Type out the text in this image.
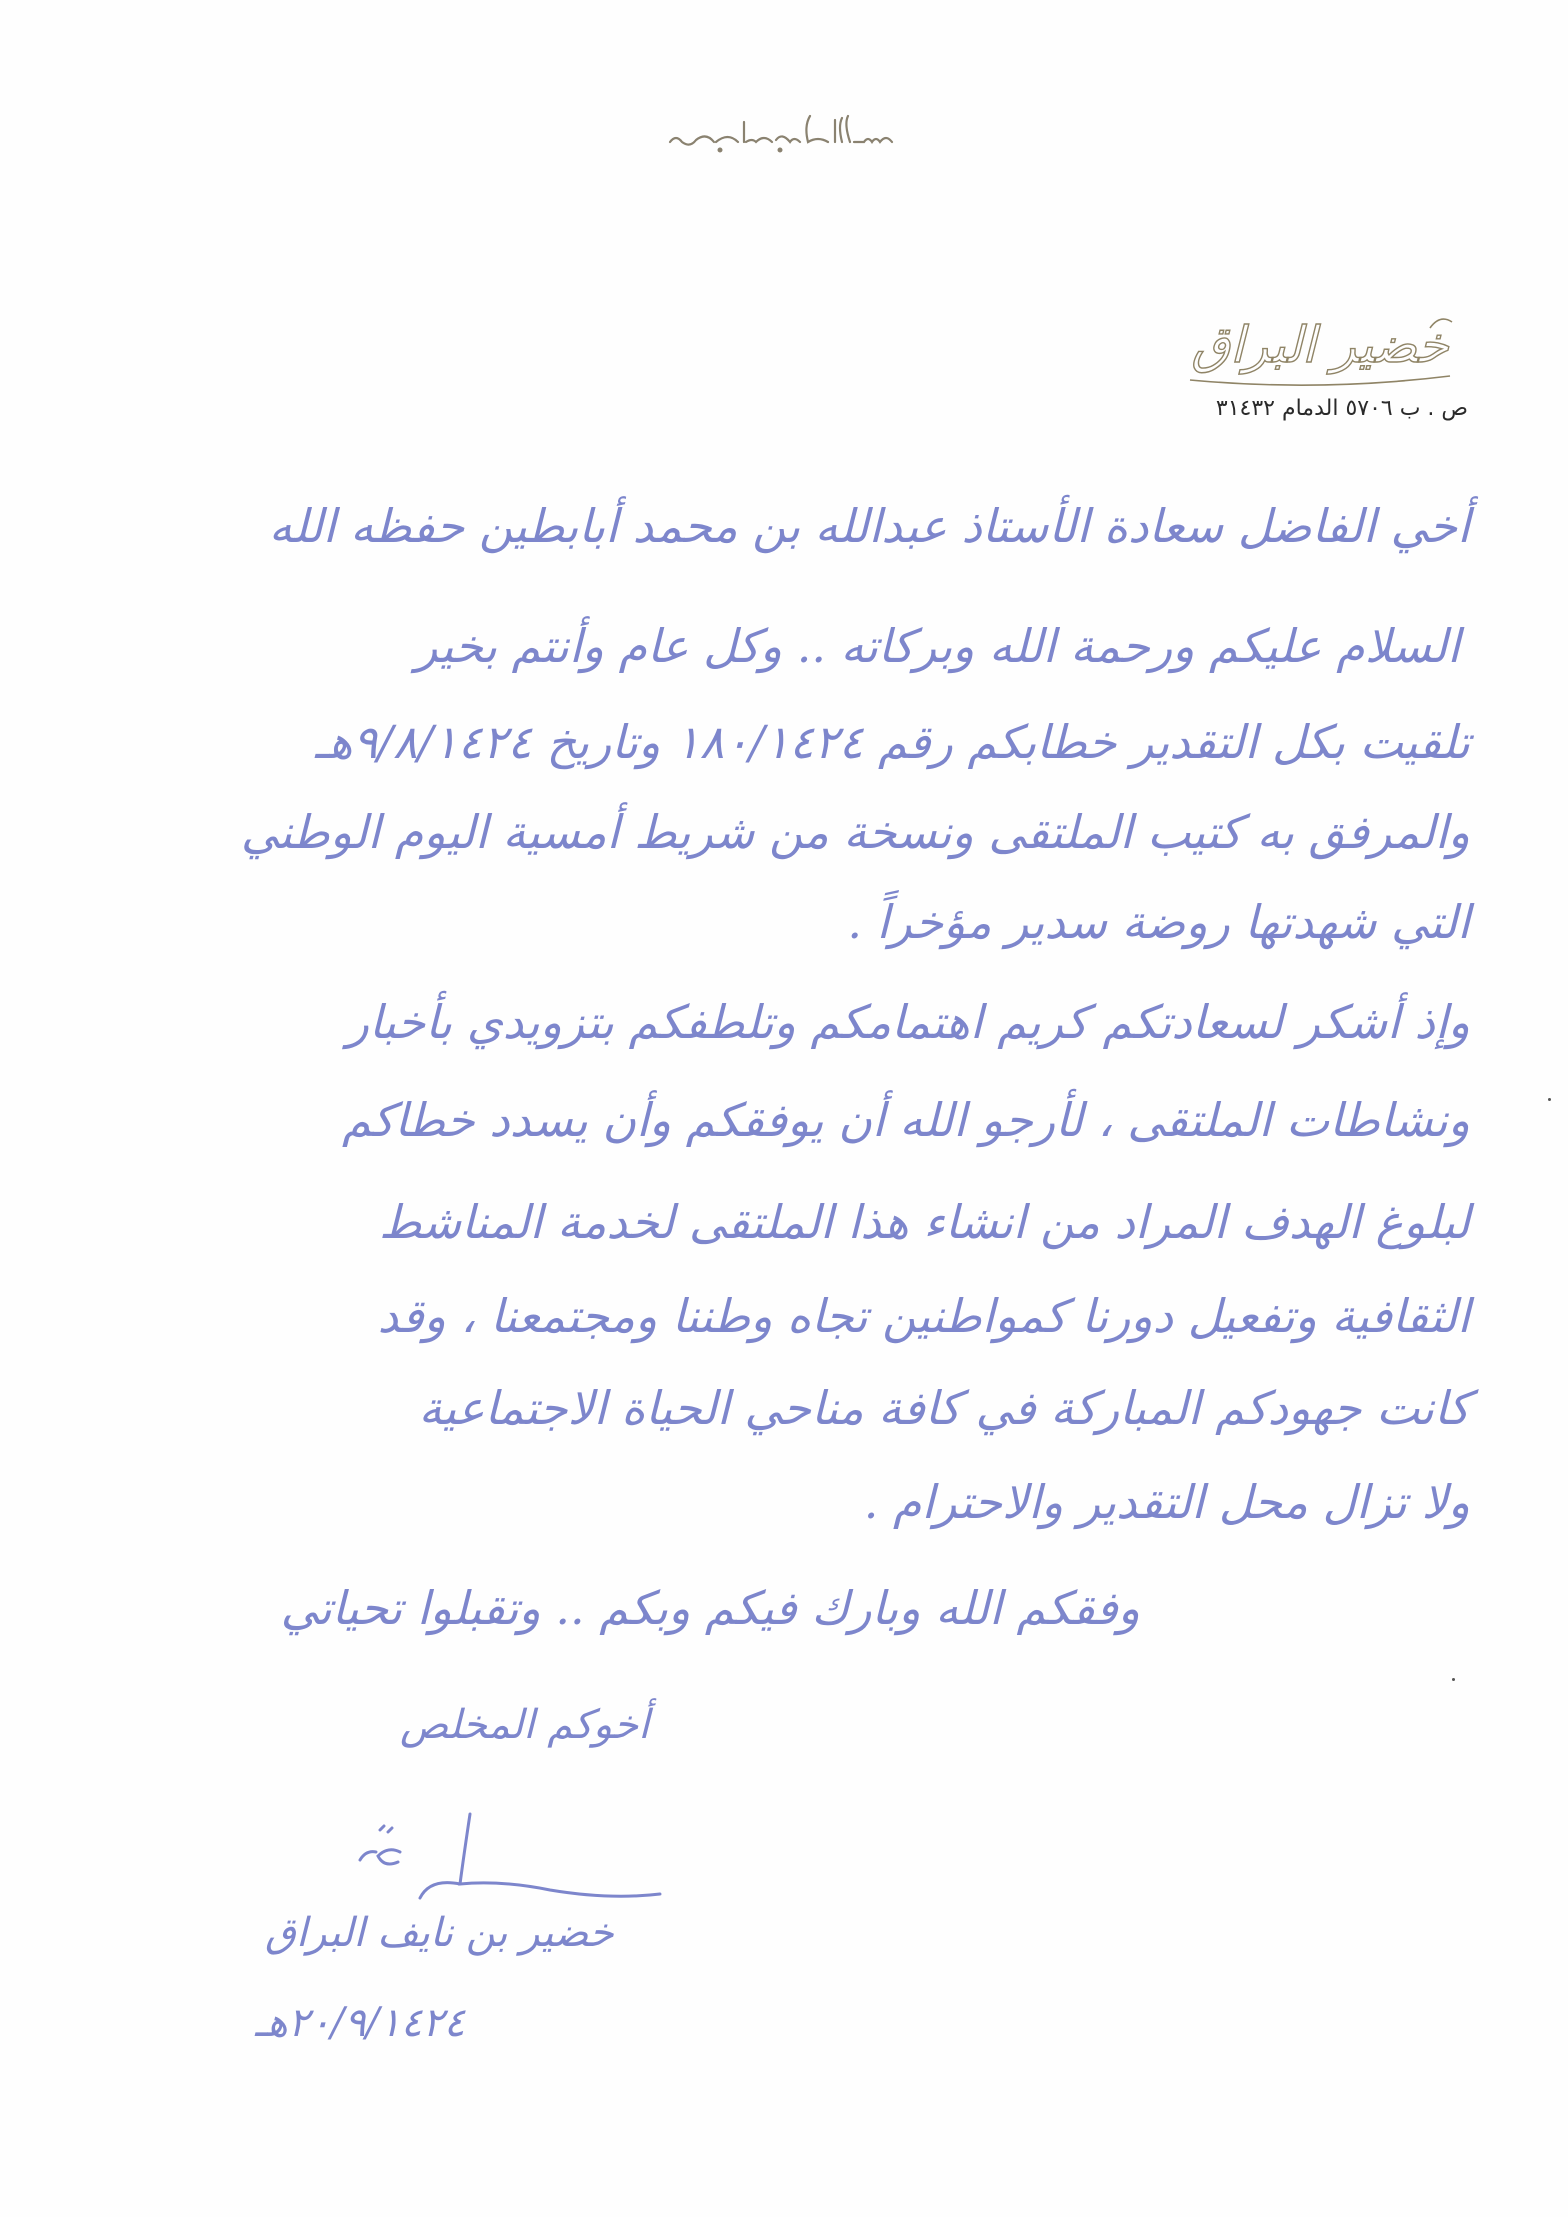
خضير البراق
ص . ب ٥٧٠٦ الدمام ٣١٤٣٢
أخي الفاضل سعادة الأستاذ عبدالله بن محمد أبابطين حفظه الله
السلام عليكم ورحمة الله وبركاته .. وكل عام وأنتم بخير
تلقيت بكل التقدير خطابكم رقم ١٨٠/١٤٢٤ وتاريخ ٩/٨/١٤٢٤هـ
والمرفق به كتيب الملتقى ونسخة من شريط أمسية اليوم الوطني
التي شهدتها روضة سدير مؤخراً .
وإذ أشكر لسعادتكم كريم اهتمامكم وتلطفكم بتزويدي بأخبار
ونشاطات الملتقى ، لأرجو الله أن يوفقكم وأن يسدد خطاكم
لبلوغ الهدف المراد من انشاء هذا الملتقى لخدمة المناشط
الثقافية وتفعيل دورنا كمواطنين تجاه وطننا ومجتمعنا ، وقد
كانت جهودكم المباركة في كافة مناحي الحياة الاجتماعية
ولا تزال محل التقدير والاحترام .
وفقكم الله وبارك فيكم وبكم .. وتقبلوا تحياتي
أخوكم المخلص
خضير بن نايف البراق
٢٠/٩/١٤٢٤هـ
